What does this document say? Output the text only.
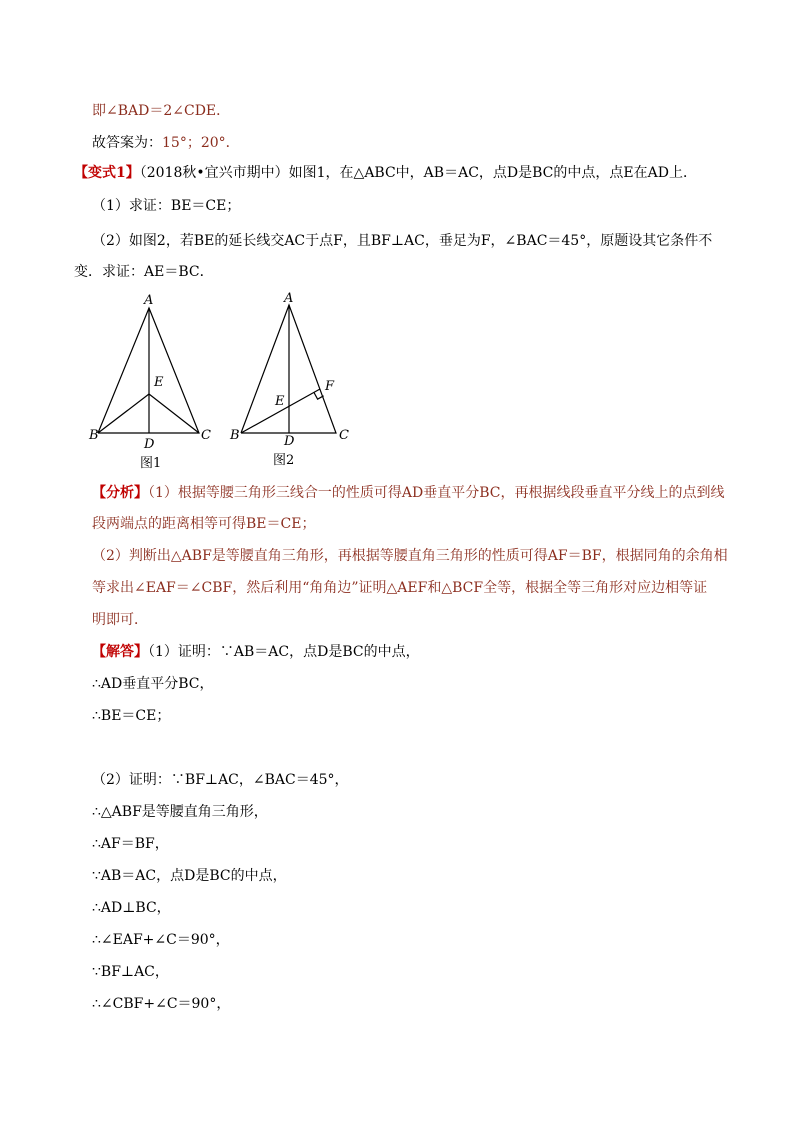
即∠BAD＝2∠CDE．
故答案为：15°；20°．
【变式1】（2018秋•宜兴市期中）如图1，在△ABC中，AB＝AC，点D是BC的中点，点E在AD上．
（1）求证：BE＝CE；
（2）如图2，若BE的延长线交AC于点F，且BF⊥AC，垂足为F，∠BAC＝45°，原题设其它条件不
变．求证：AE＝BC．
A
B	C
D
E
图1
A
B	C
D
E
F
图2
【分析】（1）根据等腰三角形三线合一的性质可得AD垂直平分BC，再根据线段垂直平分线上的点到线
段两端点的距离相等可得BE＝CE；
（2）判断出△ABF是等腰直角三角形，再根据等腰直角三角形的性质可得AF＝BF，根据同角的余角相
等求出∠EAF＝∠CBF，然后利用“角角边”证明△AEF和△BCF全等，根据全等三角形对应边相等证
明即可．
【解答】（1）证明：∵AB＝AC，点D是BC的中点，
∴AD垂直平分BC，
∴BE＝CE；
（2）证明：∵BF⊥AC，∠BAC＝45°，
∴△ABF是等腰直角三角形，
∴AF＝BF，
∵AB＝AC，点D是BC的中点，
∴AD⊥BC，
∴∠EAF+∠C＝90°，
∵BF⊥AC，
∴∠CBF+∠C＝90°，
